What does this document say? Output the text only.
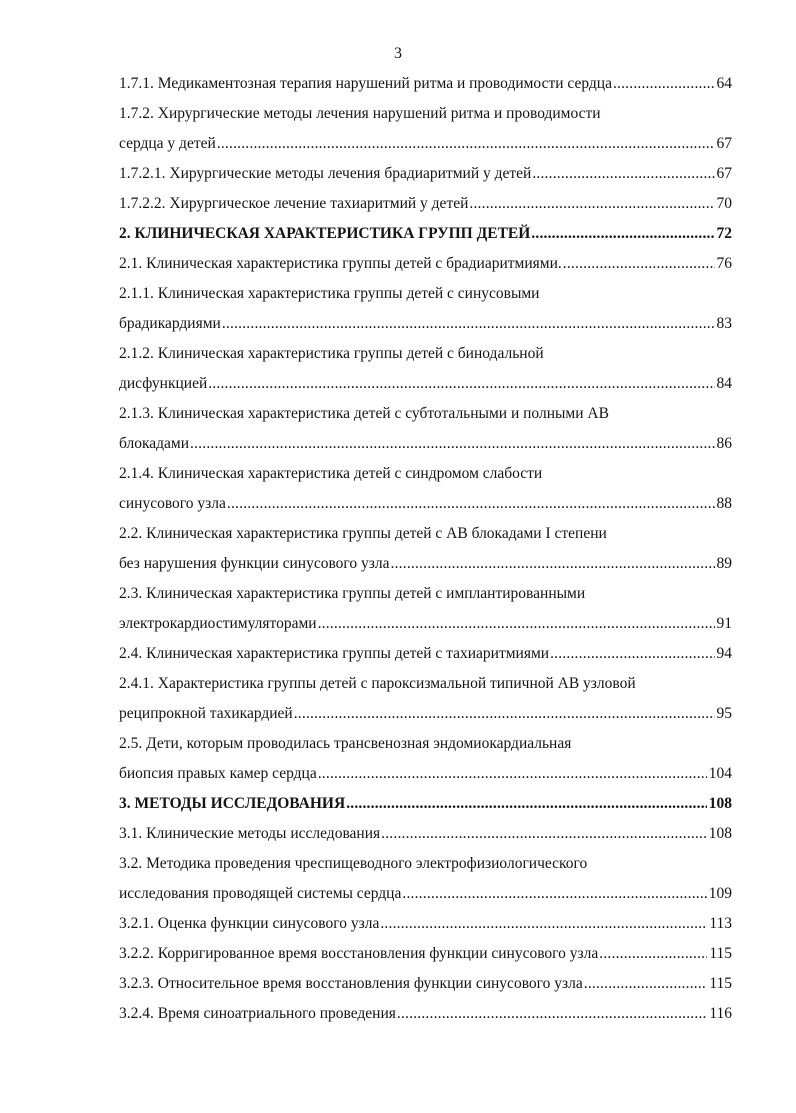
3
1.7.1. Медикаментозная терапия нарушений ритма и проводимости сердца .....	64
1.7.2. Хирургические методы лечения нарушений ритма и проводимости
сердца у детей .....	67
1.7.2.1. Хирургические методы лечения брадиаритмий у детей .....	67
1.7.2.2. Хирургическое лечение тахиаритмий у детей .....	70
2. КЛИНИЧЕСКАЯ ХАРАКТЕРИСТИКА ГРУПП ДЕТЕЙ .....	72
2.1. Клиническая характеристика группы детей с брадиаритмиями. .....	76
2.1.1. Клиническая характеристика группы детей с синусовыми
брадикардиями .....	83
2.1.2. Клиническая характеристика группы детей с бинодальной
дисфункцией .....	84
2.1.3. Клиническая характеристика детей с субтотальными и полными АВ
блокадами .....	86
2.1.4. Клиническая характеристика детей с синдромом слабости
синусового узла .....	88
2.2. Клиническая характеристика группы детей с АВ блокадами I степени
без нарушения функции синусового узла .....	89
2.3. Клиническая характеристика группы детей с имплантированными
электрокардиостимуляторами .....	91
2.4. Клиническая характеристика группы детей с тахиаритмиями .....	94
2.4.1. Характеристика группы детей с пароксизмальной типичной АВ узловой
реципрокной тахикардией .....	95
2.5. Дети, которым проводилась трансвенозная эндомиокардиальная
биопсия правых камер сердца .....	104
3. МЕТОДЫ ИССЛЕДОВАНИЯ .....	108
3.1. Клинические методы исследования .....	108
3.2. Методика проведения чреспищеводного электрофизиологического
исследования проводящей системы сердца .....	109
3.2.1. Оценка функции синусового узла .....	113
3.2.2. Корригированное время восстановления функции синусового узла .....	115
3.2.3. Относительное время восстановления функции синусового узла .....	115
3.2.4. Время синоатриального проведения .....	116
